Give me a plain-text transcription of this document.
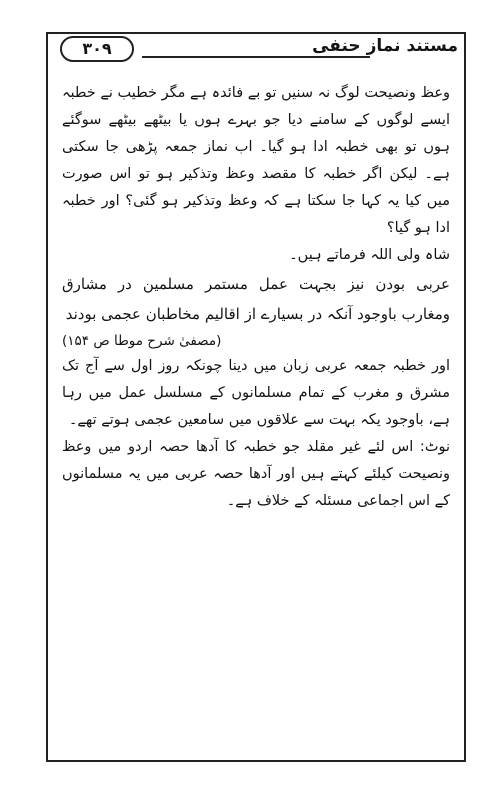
۳۰۹	مستند نماز حنفی

وعظ ونصیحت لوگ نہ سنیں تو بے فائدہ ہے مگر خطیب نے خطبہ ایسے لوگوں کے سامنے دیا جو بہرے ہوں یا بیٹھے بیٹھے سوگئے ہوں تو بھی خطبہ ادا ہو گیا۔ اب نماز جمعہ پڑھی جا سکتی ہے۔ لیکن اگر خطبہ کا مقصد وعظ وتذکیر ہو تو اس صورت میں کیا یہ کہا جا سکتا ہے کہ وعظ وتذکیر ہو گئی؟ اور خطبہ ادا ہو گیا؟

شاہ ولی اللہ فرماتے ہیں۔

عربی بودن نیز بجہت عمل مستمر مسلمین در مشارق ومغارب باوجود آنکہ در بسیارے از اقالیم مخاطبان عجمی بودند

(مصفیٰ شرح موطا ص ۱۵۴)

اور خطبہ جمعہ عربی زبان میں دینا چونکہ روز اول سے آج تک مشرق و مغرب کے تمام مسلمانوں کے مسلسل عمل میں رہا ہے، باوجود یکہ بہت سے علاقوں میں سامعین عجمی ہوتے تھے۔

نوٹ: اس لئے غیر مقلد جو خطبہ کا آدھا حصہ اردو میں وعظ ونصیحت کیلئے کہتے ہیں اور آدھا حصہ عربی میں یہ مسلمانوں کے اس اجماعی مسئلہ کے خلاف ہے۔
